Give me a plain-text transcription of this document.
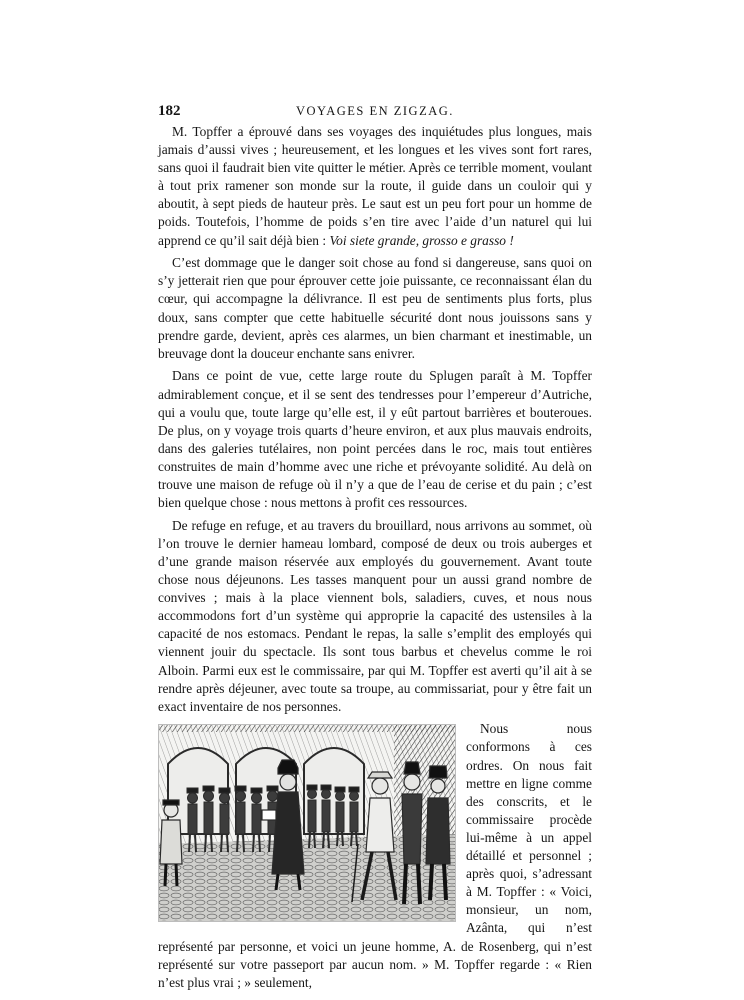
182	VOYAGES EN ZIGZAG.

M. Topffer a éprouvé dans ses voyages des inquiétudes plus longues, mais jamais d’aussi vives ; heureusement, et les longues et les vives sont fort rares, sans quoi il faudrait bien vite quitter le métier. Après ce terrible moment, voulant à tout prix ramener son monde sur la route, il guide dans un couloir qui y aboutit, à sept pieds de hauteur près. Le saut est un peu fort pour un homme de poids. Toutefois, l’homme de poids s’en tire avec l’aide d’un naturel qui lui apprend ce qu’il sait déjà bien : Voi siete grande, grosso e grasso !

C’est dommage que le danger soit chose au fond si dangereuse, sans quoi on s’y jetterait rien que pour éprouver cette joie puissante, ce reconnaissant élan du cœur, qui accompagne la délivrance. Il est peu de sentiments plus forts, plus doux, sans compter que cette habituelle sécurité dont nous jouissons sans y prendre garde, devient, après ces alarmes, un bien charmant et inestimable, un breuvage dont la douceur enchante sans enivrer.

Dans ce point de vue, cette large route du Splugen paraît à M. Topffer admirablement conçue, et il se sent des tendresses pour l’empereur d’Autriche, qui a voulu que, toute large qu’elle est, il y eût partout barrières et bouteroues. De plus, on y voyage trois quarts d’heure environ, et aux plus mauvais endroits, dans des galeries tutélaires, non point percées dans le roc, mais tout entières construites de main d’homme avec une riche et prévoyante solidité. Au delà on trouve une maison de refuge où il n’y a que de l’eau de cerise et du pain ; c’est bien quelque chose : nous mettons à profit ces ressources.

De refuge en refuge, et au travers du brouillard, nous arrivons au sommet, où l’on trouve le dernier hameau lombard, composé de deux ou trois auberges et d’une grande maison réservée aux employés du gouvernement. Avant toute chose nous déjeunons. Les tasses manquent pour un aussi grand nombre de convives ; mais à la place viennent bols, saladiers, cuves, et nous nous accommodons fort d’un système qui approprie la capacité des ustensiles à la capacité de nos estomacs. Pendant le repas, la salle s’emplit des employés qui viennent jouir du spectacle. Ils sont tous barbus et chevelus comme le roi Alboin. Parmi eux est le commissaire, par qui M. Topffer est averti qu’il ait à se rendre après déjeuner, avec toute sa troupe, au commissariat, pour y être fait un exact inventaire de nos personnes.

Nous nous conformons à ces ordres. On nous fait mettre en ligne comme des conscrits, et le commissaire procède lui-même à un appel détaillé et personnel ; après quoi, s’adressant à M. Topffer : « Voici, monsieur, un nom, Azânta, qui n’est représenté par personne, et voici un jeune homme, A. de Rosenberg, qui n’est représenté sur votre passeport par aucun nom. » M. Topffer regarde : « Rien n’est plus vrai ; » seulement,
